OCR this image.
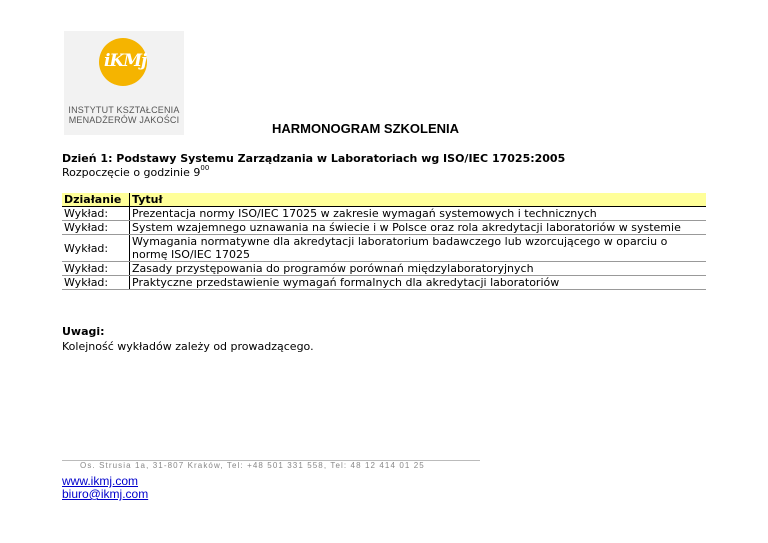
iKMj
INSTYTUT KSZTAŁCENIA
MENADŻERÓW JAKOŚCI
HARMONOGRAM SZKOLENIA
Dzień 1: Podstawy Systemu Zarządzania w Laboratoriach wg ISO/IEC 17025:2005
Rozpoczęcie o godzinie $9^{00}$
Działanie	Tytuł
Wykład:	Prezentacja normy ISO/IEC 17025 w zakresie wymagań systemowych i technicznych
Wykład:	System wzajemnego uznawania na świecie i w Polsce oraz rola akredytacji laboratoriów w systemie
Wykład:	Wymagania normatywne dla akredytacji laboratorium badawczego lub wzorcującego w oparciu o normę ISO/IEC 17025
Wykład:	Zasady przystępowania do programów porównań międzylaboratoryjnych
Wykład:	Praktyczne przedstawienie wymagań formalnych dla akredytacji laboratoriów
Uwagi:
Kolejność wykładów zależy od prowadzącego.
Os. Strusia 1a, 31-807 Kraków, Tel: +48 501 331 558, Tel: 48 12 414 01 25
www.ikmj.com
biuro@ikmj.com
